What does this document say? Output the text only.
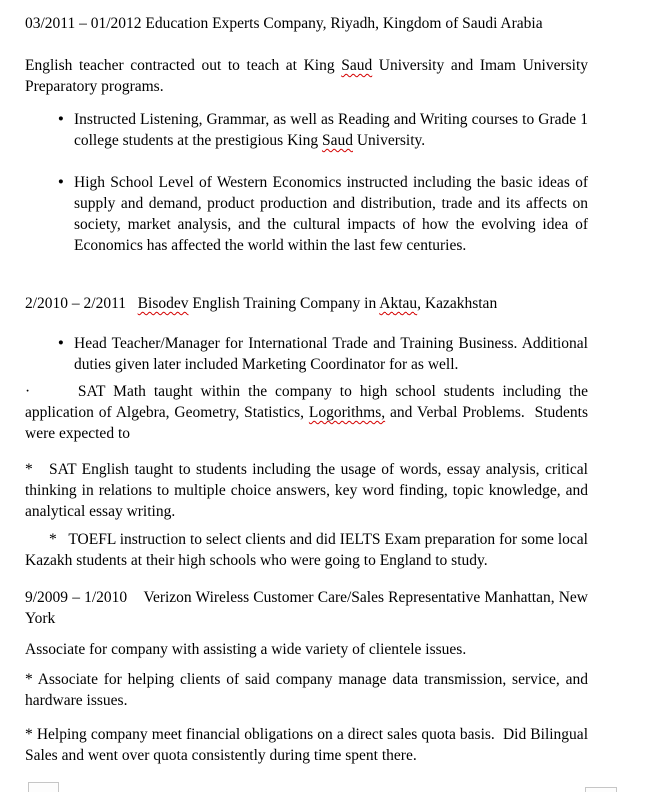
03/2011 – 01/2012 Education Experts Company, Riyadh, Kingdom of Saudi Arabia

English teacher contracted out to teach at King Saud University and Imam University Preparatory programs.

● Instructed Listening, Grammar, as well as Reading and Writing courses to Grade 1 college students at the prestigious King Saud University.

● High School Level of Western Economics instructed including the basic ideas of supply and demand, product production and distribution, trade and its affects on society, market analysis, and the cultural impacts of how the evolving idea of Economics has affected the world within the last few centuries.

2/2010 – 2/2011   Bisodev English Training Company in Aktau, Kazakhstan

● Head Teacher/Manager for International Trade and Training Business. Additional duties given later included Marketing Coordinator for as well.

·      SAT Math taught within the company to high school students including the application of Algebra, Geometry, Statistics, Logorithms, and Verbal Problems.  Students were expected to

*   SAT English taught to students including the usage of words, essay analysis, critical thinking in relations to multiple choice answers, key word finding, topic knowledge, and analytical essay writing.

*   TOEFL instruction to select clients and did IELTS Exam preparation for some local Kazakh students at their high schools who were going to England to study.

9/2009 – 1/2010    Verizon Wireless Customer Care/Sales Representative Manhattan, New York

Associate for company with assisting a wide variety of clientele issues.

* Associate for helping clients of said company manage data transmission, service, and hardware issues.

* Helping company meet financial obligations on a direct sales quota basis.  Did Bilingual Sales and went over quota consistently during time spent there.
